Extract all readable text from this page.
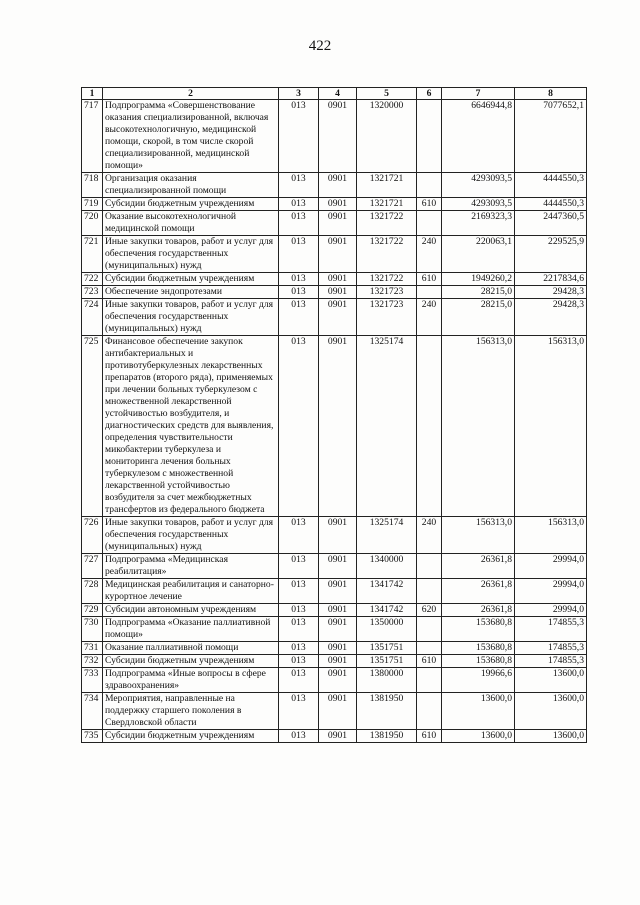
422
1	2	3	4	5	6	7	8
717	Подпрограмма «Совершенствование оказания специализированной, включая высокотехнологичную, медицинской помощи, скорой, в том числе скорой специализированной, медицинской помощи»	013	0901	1320000		6646944,8	7077652,1
718	Организация оказания специализированной помощи	013	0901	1321721		4293093,5	4444550,3
719	Субсидии бюджетным учреждениям	013	0901	1321721	610	4293093,5	4444550,3
720	Оказание высокотехнологичной медицинской помощи	013	0901	1321722		2169323,3	2447360,5
721	Иные закупки товаров, работ и услуг для обеспечения государственных (муниципальных) нужд	013	0901	1321722	240	220063,1	229525,9
722	Субсидии бюджетным учреждениям	013	0901	1321722	610	1949260,2	2217834,6
723	Обеспечение эндопротезами	013	0901	1321723		28215,0	29428,3
724	Иные закупки товаров, работ и услуг для обеспечения государственных (муниципальных) нужд	013	0901	1321723	240	28215,0	29428,3
725	Финансовое обеспечение закупок антибактериальных и противотуберкулезных лекарственных препаратов (второго ряда), применяемых при лечении больных туберкулезом с множественной лекарственной устойчивостью возбудителя, и диагностических средств для выявления, определения чувствительности микобактерии туберкулеза и мониторинга лечения больных туберкулезом с множественной лекарственной устойчивостью возбудителя за счет межбюджетных трансфертов из федерального бюджета	013	0901	1325174		156313,0	156313,0
726	Иные закупки товаров, работ и услуг для обеспечения государственных (муниципальных) нужд	013	0901	1325174	240	156313,0	156313,0
727	Подпрограмма «Медицинская реабилитация»	013	0901	1340000		26361,8	29994,0
728	Медицинская реабилитация и санаторно-курортное лечение	013	0901	1341742		26361,8	29994,0
729	Субсидии автономным учреждениям	013	0901	1341742	620	26361,8	29994,0
730	Подпрограмма «Оказание паллиативной помощи»	013	0901	1350000		153680,8	174855,3
731	Оказание паллиативной помощи	013	0901	1351751		153680,8	174855,3
732	Субсидии бюджетным учреждениям	013	0901	1351751	610	153680,8	174855,3
733	Подпрограмма «Иные вопросы в сфере здравоохранения»	013	0901	1380000		19966,6	13600,0
734	Мероприятия, направленные на поддержку старшего поколения в Свердловской области	013	0901	1381950		13600,0	13600,0
735	Субсидии бюджетным учреждениям	013	0901	1381950	610	13600,0	13600,0
